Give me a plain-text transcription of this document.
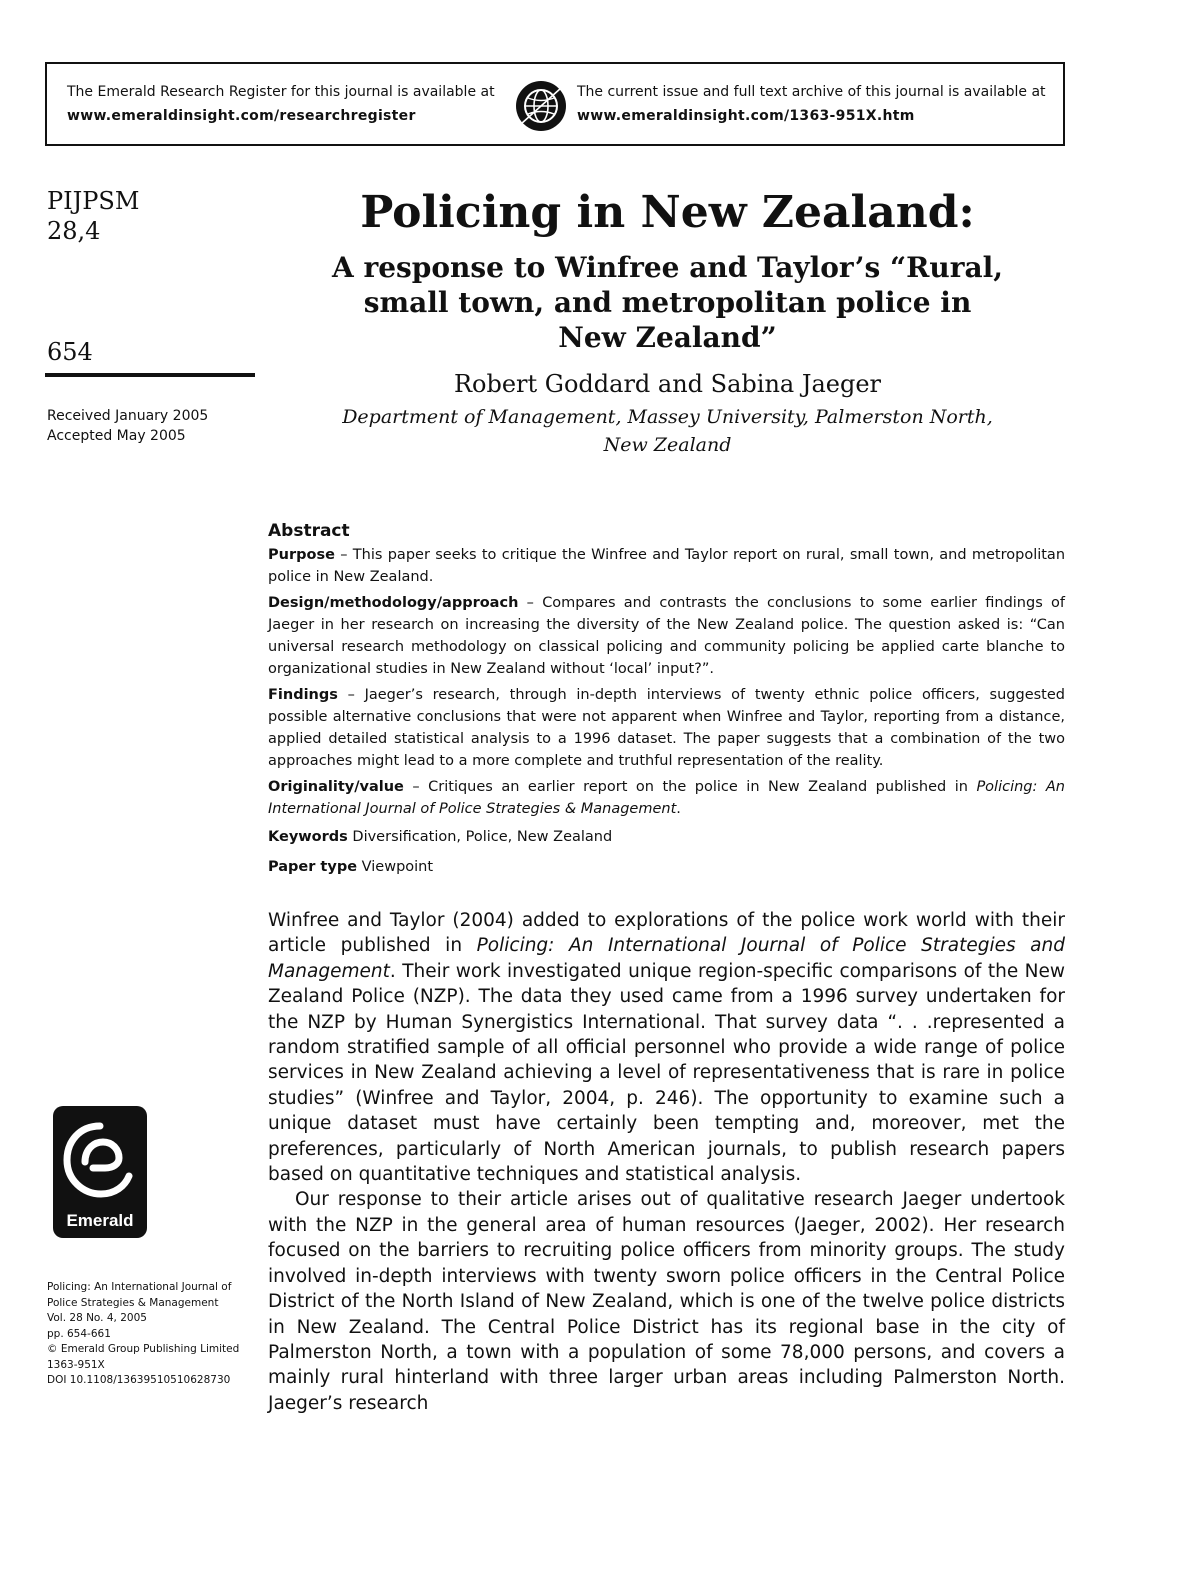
The Emerald Research Register for this journal is available at
www.emeraldinsight.com/researchregister
The current issue and full text archive of this journal is available at
www.emeraldinsight.com/1363-951X.htm
PIJPSM
28,4
654
Received January 2005
Accepted May 2005
Emerald
Policing: An International Journal of
Police Strategies & Management
Vol. 28 No. 4, 2005
pp. 654-661
© Emerald Group Publishing Limited
1363-951X
DOI 10.1108/13639510510628730
Policing in New Zealand:
A response to Winfree and Taylor’s “Rural,
small town, and metropolitan police in
New Zealand”
Robert Goddard and Sabina Jaeger
Department of Management, Massey University, Palmerston North,
New Zealand
Abstract

Purpose – This paper seeks to critique the Winfree and Taylor report on rural, small town, and metropolitan police in New Zealand.

Design/methodology/approach – Compares and contrasts the conclusions to some earlier findings of Jaeger in her research on increasing the diversity of the New Zealand police. The question asked is: “Can universal research methodology on classical policing and community policing be applied carte blanche to organizational studies in New Zealand without ‘local’ input?”.

Findings – Jaeger’s research, through in-depth interviews of twenty ethnic police officers, suggested possible alternative conclusions that were not apparent when Winfree and Taylor, reporting from a distance, applied detailed statistical analysis to a 1996 dataset. The paper suggests that a combination of the two approaches might lead to a more complete and truthful representation of the reality.

Originality/value – Critiques an earlier report on the police in New Zealand published in Policing: An International Journal of Police Strategies & Management.

Keywords Diversification, Police, New Zealand

Paper type Viewpoint

Winfree and Taylor (2004) added to explorations of the police work world with their article published in Policing: An International Journal of Police Strategies and Management. Their work investigated unique region-specific comparisons of the New Zealand Police (NZP). The data they used came from a 1996 survey undertaken for the NZP by Human Synergistics International. That survey data “. . .represented a random stratified sample of all official personnel who provide a wide range of police services in New Zealand achieving a level of representativeness that is rare in police studies” (Winfree and Taylor, 2004, p. 246). The opportunity to examine such a unique dataset must have certainly been tempting and, moreover, met the preferences, particularly of North American journals, to publish research papers based on quantitative techniques and statistical analysis.

Our response to their article arises out of qualitative research Jaeger undertook with the NZP in the general area of human resources (Jaeger, 2002). Her research focused on the barriers to recruiting police officers from minority groups. The study involved in-depth interviews with twenty sworn police officers in the Central Police District of the North Island of New Zealand, which is one of the twelve police districts in New Zealand. The Central Police District has its regional base in the city of Palmerston North, a town with a population of some 78,000 persons, and covers a mainly rural hinterland with three larger urban areas including Palmerston North. Jaeger’s research
